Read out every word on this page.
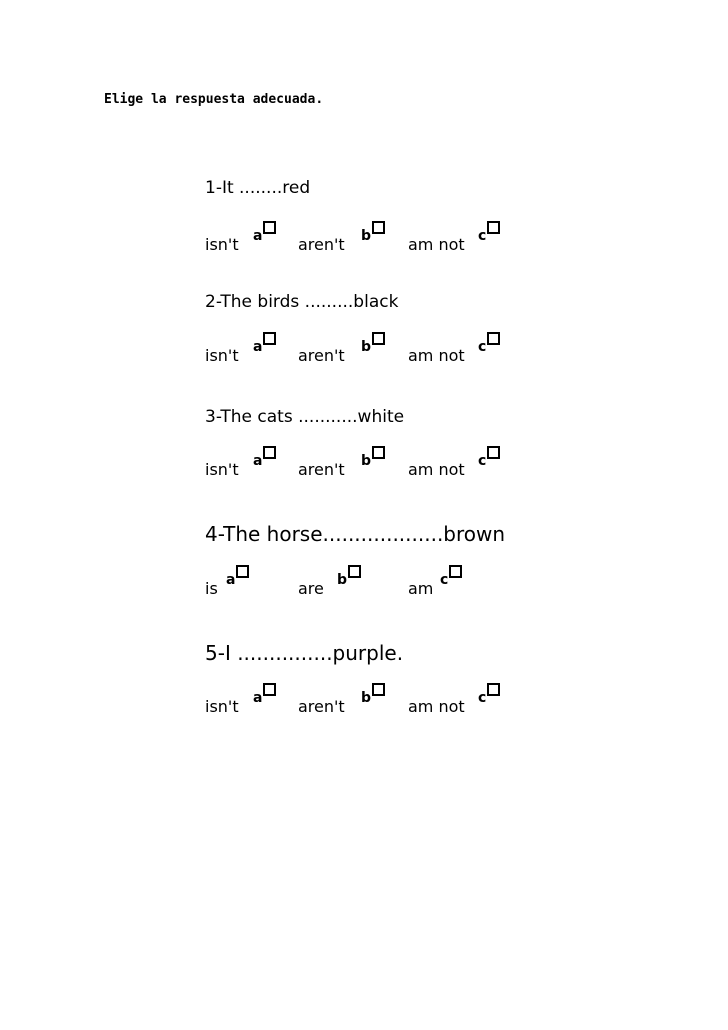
Elige la respuesta adecuada.
1-It ........red
isn't a aren't b am not c
2-The birds .........black
isn't a aren't b am not c
3-The cats ...........white
isn't a aren't b am not c
4-The horse...................brown
is a	are b	am c
5-I ...............purple.
isn't a aren't b am not c
